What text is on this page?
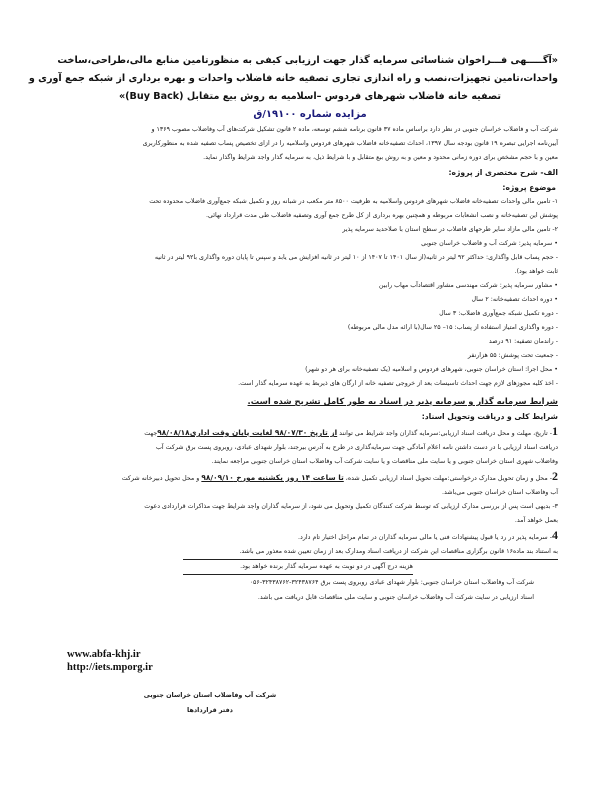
«آگـــــهی فـــراخوان شناسائی سرمایه گذار جهت ارزیابی کیفی به منظورتامین منابع مالی،طراحی،ساخت
واحدات،تامین تجهیزات،نصب و راه اندازی تجاری تصفیه خانه فاضلاب واحدات و بهره برداری از شبکه جمع آوری و
تصفیه خانه فاضلاب شهرهای فردوس –اسلامیه به روش بیع متقابل (Buy Back)»
مزایده شماره ۱۹۱۰۰/ق
شرکت آب و فاضلاب خراسان جنوبی در نظر دارد براساس ماده ۳۷ قانون برنامه ششم توسعه، ماده ۲ قانون تشکیل شرکت‌های آب وفاضلاب مصوب ۱۳۶۹ و
آیین‌نامه اجرایی تبصره ۱۹ قانون بودجه سال ۱۳۹۷، احداث تصفیه‌خانه فاضلاب شهرهای فردوس واسلامیه را در ازای تخصیص پساب تصفیه شده به منظورکاربری
معین و با حجم مشخص برای دوره زمانی محدود و معین و به روش بیع متقابل و با شرایط ذیل، به سرمایه گذار واجد شرایط واگذار نماید.
الف- شرح مختصری از پروژه:
موضوع پروژه:
۱- تامین مالی واحدات تصفیه‌خانه فاضلاب شهرهای فردوس واسلامیه به ظرفیت ۸۵۰۰ متر مکعب در شبانه روز و تکمیل شبکه جمع‌آوری فاضلاب محدوده تحت
پوشش این تصفیه‌خانه و نصب انشعابات مربوطه و همچنین بهره برداری از کل طرح جمع آوری وتصفیه فاضلاب طی مدت قرارداد نهائی.
۲- تامین مالی مازاد سایر طرحهای فاضلاب در سطح استان با صلاحدید سرمایه پذیر
• سرمایه پذیر: شرکت آب و فاضلاب خراسان جنوبی
- حجم پساب قابل واگذاری: حداکثر ۹۲ لیتر در ثانیه(از سال ۱۴۰۱ تا ۱۴۰۷ از ۱۰ لیتر در ثانیه افزایش می یابد و سپس تا پایان دوره واگذاری با۹۲ لیتر در ثانیه
ثابت خواهد بود).
• مشاور سرمایه پذیر: شرکت مهندسی مشاور اقتصادآب مهاب رابین
• دوره احداث تصفیه‌خانه: ۲ سال
- دوره تکمیل شبکه جمع‌آوری فاضلاب: ۳ سال
- دوره واگذاری امتیاز استفاده از پساب: ۱۵– ۲۵ سال(با ارائه مدل مالی مربوطه)
- راندمان تصفیه: ۹۱ درصد
- جمعیت تحت پوشش: ۵۵ هزارنفر
• محل اجرا: استان خراسان جنوبی، شهرهای فردوس و اسلامیه (یک تصفیه‌خانه برای هر دو شهر)
- اخذ کلیه مجوزهای لازم جهت احداث تاسیسات بعد از خروجی تصفیه خانه از ارگان های ذیربط به عهده سرمایه گذار است.
شرایط سرمایه گذار و سرمایه پذیر در اسناد به طور کامل تشریح شده است.
شرایط کلی و دریافت وتحویل اسناد:
1- تاریخ، مهلت و محل دریافت اسناد ارزیابی:سرمایه گذاران واجد شرایط می توانند از تاریخ ۹۸/۰۷/۳۰ لغایت پایان وقت اداری۹۸/۰۸/۱۸جهت
دریافت اسناد ارزیابی با در دست داشتن نامه اعلام آمادگی جهت سرمایه‌گذاری در طرح به آدرس بیرجند، بلوار شهدای عبادی، روبروی پست برق شرکت آب
وفاضلاب شهری استان خراسان جنوبی و یا سایت ملی مناقصات و یا سایت شرکت آب وفاضلاب استان خراسان جنوبی مراجعه نمایند.
2- محل و زمان تحویل مدارک درخواستی:مهلت تحویل اسناد ارزیابی تکمیل شده، تا ساعت ۱۴ روز یکشنبه مورخ ۹۸/۰۹/۱۰ و محل تحویل دبیرخانه شرکت
آب وفاضلاب استان خراسان جنوبی می‌باشد.
۳- بدیهی است پس از بررسی مدارک ارزیابی که توسط شرکت کنندگان تکمیل وتحویل می شود، از سرمایه گذاران واجد شرایط جهت مذاکرات قراردادی دعوت
بعمل خواهد آمد.
4- سرمایه پذیر در رد یا قبول پیشنهادات فنی یا مالی سرمایه گذاران در تمام مراحل اختیار تام دارد.
به استناد بند ماده۱۶ قانون برگزاری مناقصات این شرکت از دریافت اسناد ومدارک بعد از زمان تعیین شده معذور می باشد.
هزینه درج آگهی در دو نوبت به عهده سرمایه گذار برنده خواهد بود.
شرکت آب وفاضلاب استان خراسان جنوبی: بلوار شهدای عبادی روبروی پست برق ۳۲۴۳۸۷۶۴-۳۲۴۳۸۷۶۲-۰۵۶
اسناد ارزیابی در سایت شرکت آب وفاضلاب خراسان جنوبی و سایت ملی مناقصات قابل دریافت می باشد.
www.abfa-khj.ir
http://iets.mporg.ir
شرکت آب وفاضلاب استان خراسان جنوبی
دفتر قراردادها
